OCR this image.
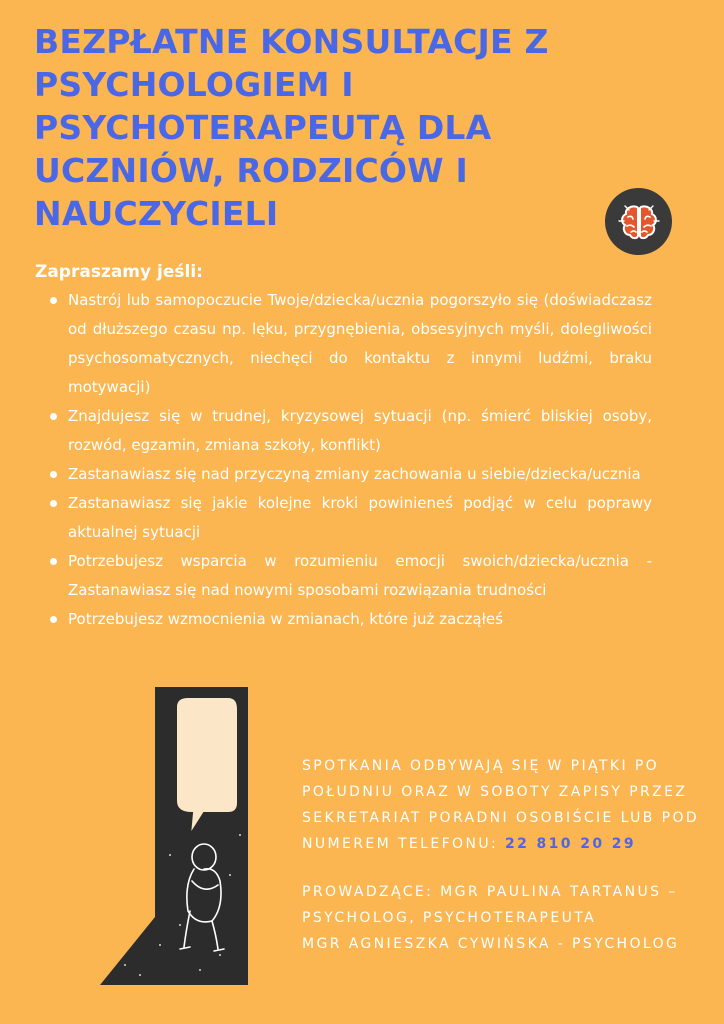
BEZPŁATNE KONSULTACJE Z PSYCHOLOGIEM I PSYCHOTERAPEUTĄ DLA UCZNIÓW, RODZICÓW I NAUCZYCIELI

Zapraszamy jeśli:

Nastrój lub samopoczucie Twoje/dziecka/ucznia pogorszyło się (doświadczasz od dłuższego czasu np. lęku, przygnębienia, obsesyjnych myśli, dolegliwości psychosomatycznych, niechęci do kontaktu z innymi ludźmi, braku motywacji)
Znajdujesz się w trudnej, kryzysowej sytuacji (np. śmierć bliskiej osoby, rozwód, egzamin, zmiana szkoły, konflikt)
Zastanawiasz się nad przyczyną zmiany zachowania u siebie/dziecka/ucznia
Zastanawiasz się jakie kolejne kroki powinieneś podjąć w celu poprawy aktualnej sytuacji
Potrzebujesz wsparcia w rozumieniu emocji swoich/dziecka/ucznia - Zastanawiasz się nad nowymi sposobami rozwiązania trudności
Potrzebujesz wzmocnienia w zmianach, które już zacząłeś

SPOTKANIA ODBYWAJĄ SIĘ W PIĄTKI PO POŁUDNIU ORAZ W SOBOTY ZAPISY PRZEZ SEKRETARIAT PORADNI OSOBIŚCIE LUB POD NUMEREM TELEFONU: 22 810 20 29

PROWADZĄCE: MGR PAULINA TARTANUS – PSYCHOLOG, PSYCHOTERAPEUTA

MGR AGNIESZKA CYWIŃSKA - PSYCHOLOG
